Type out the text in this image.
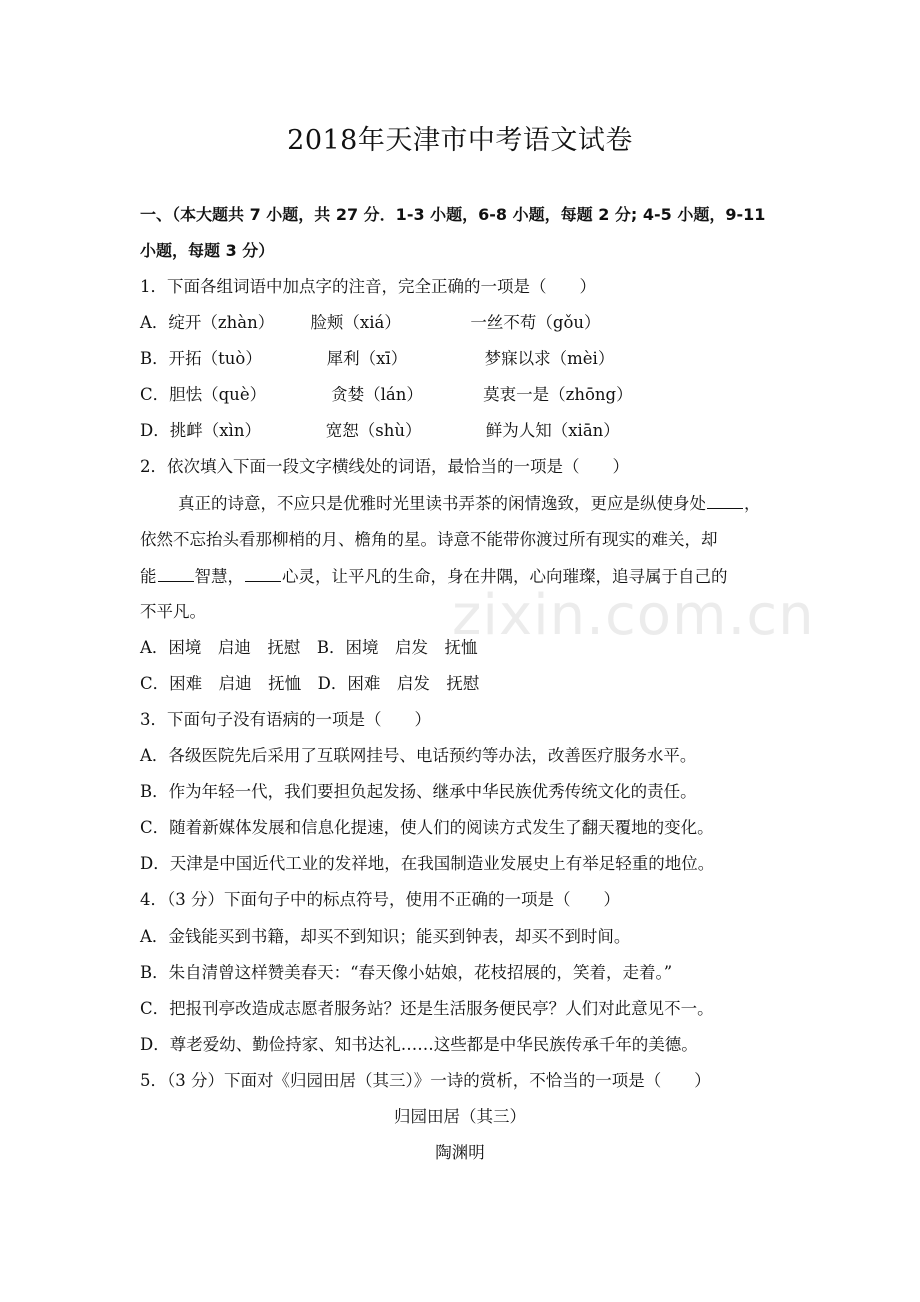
2018年天津市中考语文试卷
一、（本大题共 7 小题，共 27 分．1-3 小题，6-8 小题，每题 2 分; 4-5 小题，9-11
小题，每题 3 分）
1．下面各组词语中加点字的注音，完全正确的一项是（　　）
A．绽开（zhàn） 脸颊（xiá）	一丝不苟（gǒu）
B．开拓（tuò）	犀利（xī）	梦寐以求（mèi）
C．胆怯（què）	贪婪（lán）	莫衷一是（zhōng）
D．挑衅（xìn）	宽恕（shù）	鲜为人知（xiān）
2．依次填入下面一段文字横线处的词语，最恰当的一项是（　　）
真正的诗意，不应只是优雅时光里读书弄茶的闲情逸致，更应是纵使身处 ，
依然不忘抬头看那柳梢的月、檐角的星。诗意不能带你渡过所有现实的难关，却
能 智慧， 心灵，让平凡的生命，身在井隅，心向璀璨，追寻属于自己的
不平凡。
A．困境　启迪　抚慰　B．困境　启发　抚恤
C．困难　启迪　抚恤　D．困难　启发　抚慰
3．下面句子没有语病的一项是（　　）
A．各级医院先后采用了互联网挂号、电话预约等办法，改善医疗服务水平。
B．作为年轻一代，我们要担负起发扬、继承中华民族优秀传统文化的责任。
C．随着新媒体发展和信息化提速，使人们的阅读方式发生了翻天覆地的变化。
D．天津是中国近代工业的发祥地，在我国制造业发展史上有举足轻重的地位。
4．（3 分）下面句子中的标点符号，使用不正确的一项是（　　）
A．金钱能买到书籍，却买不到知识；能买到钟表，却买不到时间。
B．朱自清曾这样赞美春天：“春天像小姑娘，花枝招展的，笑着，走着。”
C．把报刊亭改造成志愿者服务站？还是生活服务便民亭？人们对此意见不一。
D．尊老爱幼、勤俭持家、知书达礼……这些都是中华民族传承千年的美德。
5．（3 分）下面对《归园田居（其三）》一诗的赏析，不恰当的一项是（　　）
归园田居（其三）
陶渊明
zixin.com.cn
